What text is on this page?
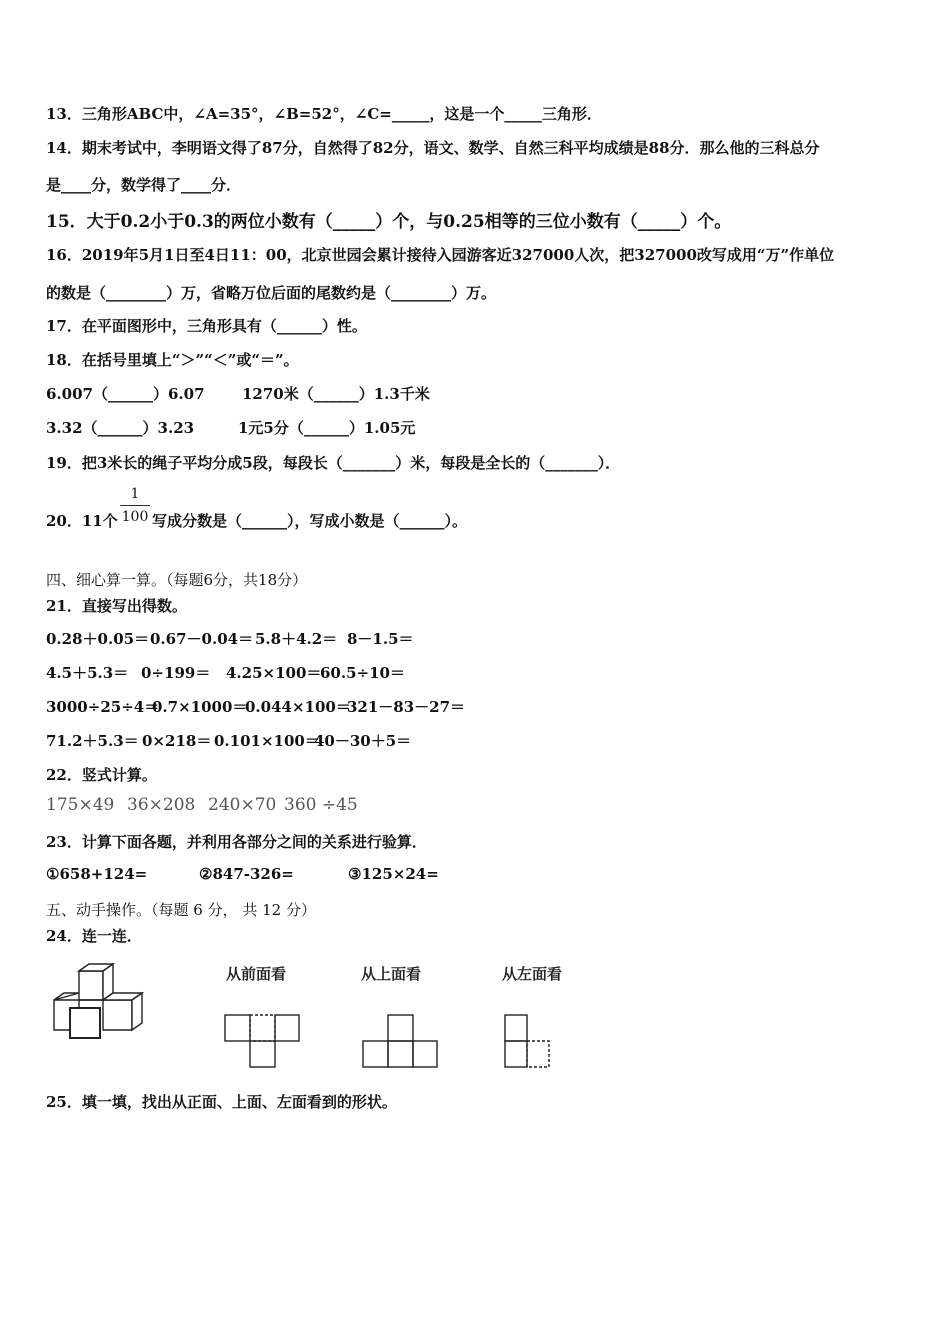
13．三角形ABC中，∠A=35°，∠B=52°，∠C=_____，这是一个_____三角形．
14．期末考试中，李明语文得了87分，自然得了82分，语文、数学、自然三科平均成绩是88分．那么他的三科总分
是____分，数学得了____分．
15．大于0.2小于0.3的两位小数有（_____）个，与0.25相等的三位小数有（_____）个。
16．2019年5月1日至4日11：00，北京世园会累计接待入园游客近327000人次，把327000改写成用“万”作单位
的数是（________）万，省略万位后面的尾数约是（________）万。
17．在平面图形中，三角形具有（______）性。
18．在括号里填上“＞”“＜”或“＝”。
6.007（______）6.07 1270米（______）1.3千米
3.32（______）3.23	1元5分（______）1.05元
19．把3米长的绳子平均分成5段，每段长（_______）米，每段是全长的（_______）．
20．11个
1
100 写成分数是（______），写成小数是（______）。
四、细心算一算。（每题6分，共18分）
21．直接写出得数。
0.28＋0.05＝0.67－0.04＝ 5.8＋4.2＝ 8－1.5＝
4.5＋5.3＝ 0÷199＝ 4.25×100＝60.5÷10＝
3000÷25÷4＝0.7×1000＝0.044×100＝321－83－27＝
71.2＋5.3＝ 0×218＝ 0.101×100＝40－30＋5＝
22．竖式计算。
175×49 36×208 240×70 360 ÷45
23．计算下面各题，并利用各部分之间的关系进行验算．
①658+124=	②847-326=	③125×24=
五、动手操作。（每题 6 分， 共 12 分）
24．连一连．
从前面看	从上面看	从左面看
25．填一填，找出从正面、上面、左面看到的形状。
